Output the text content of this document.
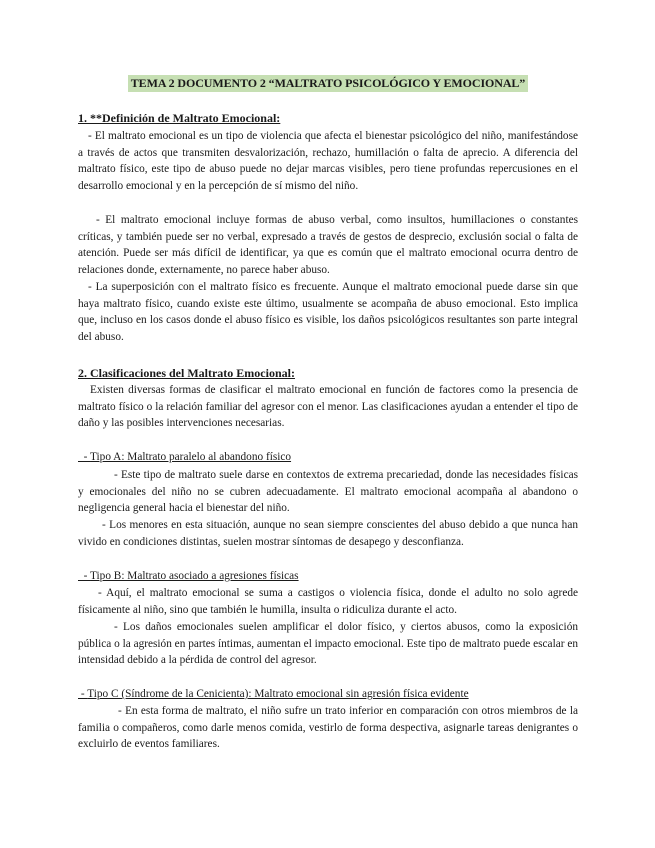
TEMA 2 DOCUMENTO 2 “MALTRATO PSICOLÓGICO Y EMOCIONAL”
1. **Definición de Maltrato Emocional:

- El maltrato emocional es un tipo de violencia que afecta el bienestar psicológico del niño, manifestándose a través de actos que transmiten desvalorización, rechazo, humillación o falta de aprecio. A diferencia del maltrato físico, este tipo de abuso puede no dejar marcas visibles, pero tiene profundas repercusiones en el desarrollo emocional y en la percepción de sí mismo del niño.

- El maltrato emocional incluye formas de abuso verbal, como insultos, humillaciones o constantes críticas, y también puede ser no verbal, expresado a través de gestos de desprecio, exclusión social o falta de atención. Puede ser más difícil de identificar, ya que es común que el maltrato emocional ocurra dentro de relaciones donde, externamente, no parece haber abuso.

- La superposición con el maltrato físico es frecuente. Aunque el maltrato emocional puede darse sin que haya maltrato físico, cuando existe este último, usualmente se acompaña de abuso emocional. Esto implica que, incluso en los casos donde el abuso físico es visible, los daños psicológicos resultantes son parte integral del abuso.

2. Clasificaciones del Maltrato Emocional:

Existen diversas formas de clasificar el maltrato emocional en función de factores como la presencia de maltrato físico o la relación familiar del agresor con el menor. Las clasificaciones ayudan a entender el tipo de daño y las posibles intervenciones necesarias.

- Tipo A: Maltrato paralelo al abandono físico

- Este tipo de maltrato suele darse en contextos de extrema precariedad, donde las necesidades físicas y emocionales del niño no se cubren adecuadamente. El maltrato emocional acompaña al abandono o negligencia general hacia el bienestar del niño.

- Los menores en esta situación, aunque no sean siempre conscientes del abuso debido a que nunca han vivido en condiciones distintas, suelen mostrar síntomas de desapego y desconfianza.

- Tipo B: Maltrato asociado a agresiones físicas

- Aquí, el maltrato emocional se suma a castigos o violencia física, donde el adulto no solo agrede físicamente al niño, sino que también le humilla, insulta o ridiculiza durante el acto.

- Los daños emocionales suelen amplificar el dolor físico, y ciertos abusos, como la exposición pública o la agresión en partes íntimas, aumentan el impacto emocional. Este tipo de maltrato puede escalar en intensidad debido a la pérdida de control del agresor.

- Tipo C (Síndrome de la Cenicienta): Maltrato emocional sin agresión física evidente

- En esta forma de maltrato, el niño sufre un trato inferior en comparación con otros miembros de la familia o compañeros, como darle menos comida, vestirlo de forma despectiva, asignarle tareas denigrantes o excluirlo de eventos familiares.
